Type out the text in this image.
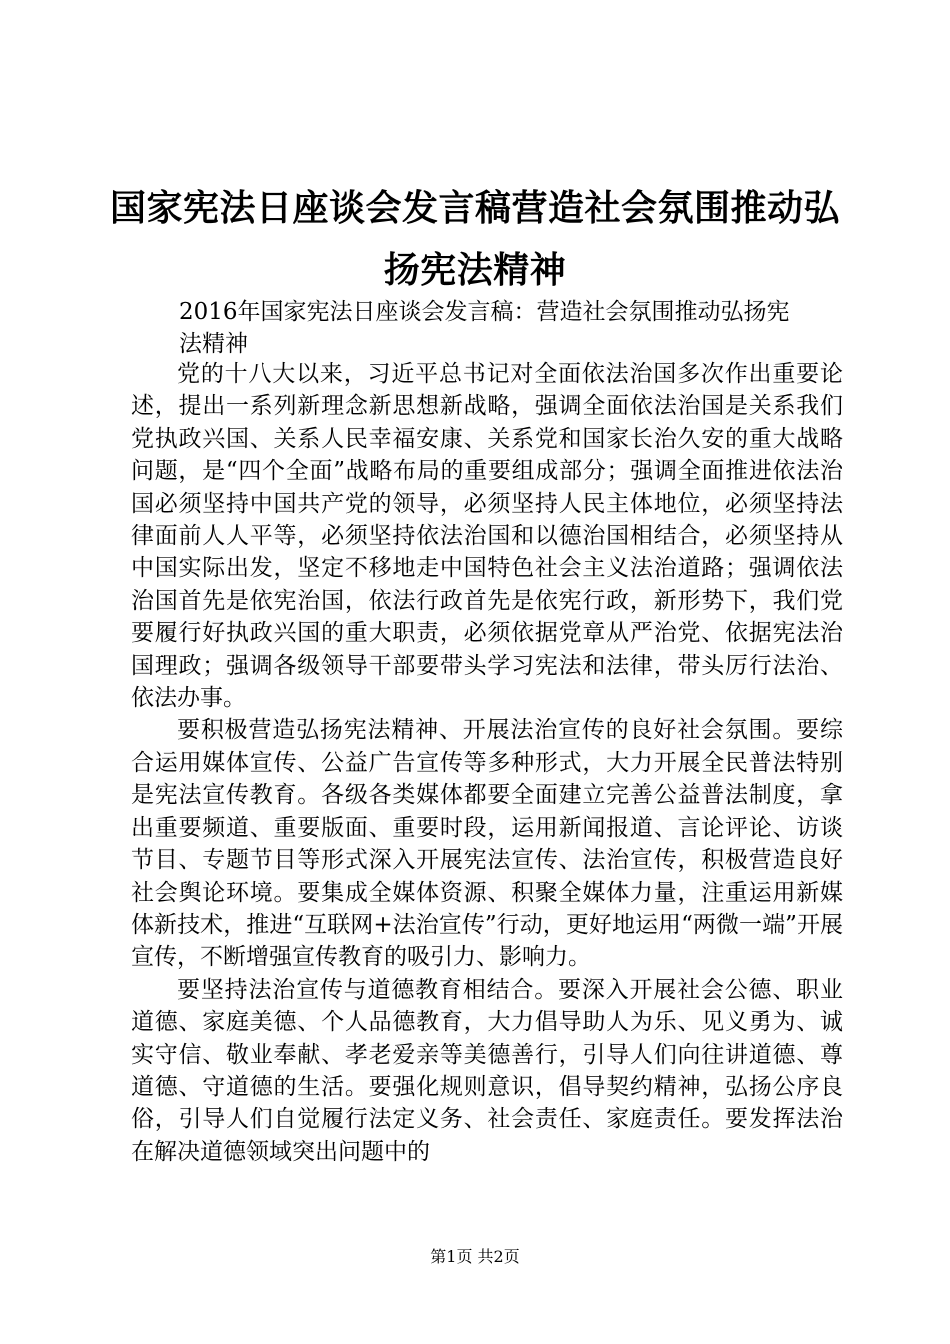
国家宪法日座谈会发言稿营造社会氛围推动弘扬宪法精神
2016年国家宪法日座谈会发言稿：营造社会氛围推动弘扬宪法精神

党的十八大以来，习近平总书记对全面依法治国多次作出重要论述，提出一系列新理念新思想新战略，强调全面依法治国是关系我们党执政兴国、关系人民幸福安康、关系党和国家长治久安的重大战略问题，是“四个全面”战略布局的重要组成部分；强调全面推进依法治国必须坚持中国共产党的领导，必须坚持人民主体地位，必须坚持法律面前人人平等，必须坚持依法治国和以德治国相结合，必须坚持从中国实际出发，坚定不移地走中国特色社会主义法治道路；强调依法治国首先是依宪治国，依法行政首先是依宪行政，新形势下，我们党要履行好执政兴国的重大职责，必须依据党章从严治党、依据宪法治国理政；强调各级领导干部要带头学习宪法和法律，带头厉行法治、依法办事。

要积极营造弘扬宪法精神、开展法治宣传的良好社会氛围。要综合运用媒体宣传、公益广告宣传等多种形式，大力开展全民普法特别是宪法宣传教育。各级各类媒体都要全面建立完善公益普法制度，拿出重要频道、重要版面、重要时段，运用新闻报道、言论评论、访谈节目、专题节目等形式深入开展宪法宣传、法治宣传，积极营造良好社会舆论环境。要集成全媒体资源、积聚全媒体力量，注重运用新媒体新技术，推进“互联网+法治宣传”行动，更好地运用“两微一端”开展宣传，不断增强宣传教育的吸引力、影响力。

要坚持法治宣传与道德教育相结合。要深入开展社会公德、职业道德、家庭美德、个人品德教育，大力倡导助人为乐、见义勇为、诚实守信、敬业奉献、孝老爱亲等美德善行，引导人们向往讲道德、尊道德、守道德的生活。要强化规则意识，倡导契约精神，弘扬公序良俗，引导人们自觉履行法定义务、社会责任、家庭责任。要发挥法治在解决道德领域突出问题中的

第1页 共2页
